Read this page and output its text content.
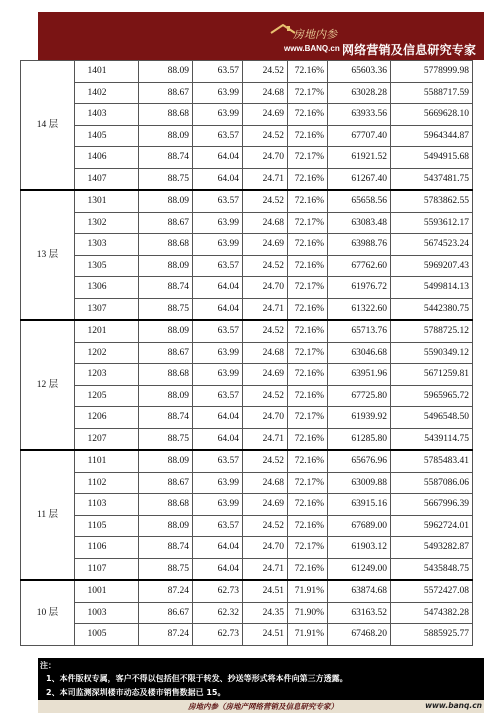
房地内参
www.BANQ.cn 网络营销及信息研究专家
14 层	1401	88.09	63.57	24.52	72.16%	65603.36	5778999.98
	1402	88.67	63.99	24.68	72.17%	63028.28	5588717.59
	1403	88.68	63.99	24.69	72.16%	63933.56	5669628.10
	1405	88.09	63.57	24.52	72.16%	67707.40	5964344.87
	1406	88.74	64.04	24.70	72.17%	61921.52	5494915.68
	1407	88.75	64.04	24.71	72.16%	61267.40	5437481.75
13 层	1301	88.09	63.57	24.52	72.16%	65658.56	5783862.55
	1302	88.67	63.99	24.68	72.17%	63083.48	5593612.17
	1303	88.68	63.99	24.69	72.16%	63988.76	5674523.24
	1305	88.09	63.57	24.52	72.16%	67762.60	5969207.43
	1306	88.74	64.04	24.70	72.17%	61976.72	5499814.13
	1307	88.75	64.04	24.71	72.16%	61322.60	5442380.75
12 层	1201	88.09	63.57	24.52	72.16%	65713.76	5788725.12
	1202	88.67	63.99	24.68	72.17%	63046.68	5590349.12
	1203	88.68	63.99	24.69	72.16%	63951.96	5671259.81
	1205	88.09	63.57	24.52	72.16%	67725.80	5965965.72
	1206	88.74	64.04	24.70	72.17%	61939.92	5496548.50
	1207	88.75	64.04	24.71	72.16%	61285.80	5439114.75
11 层	1101	88.09	63.57	24.52	72.16%	65676.96	5785483.41
	1102	88.67	63.99	24.68	72.17%	63009.88	5587086.06
	1103	88.68	63.99	24.69	72.16%	63915.16	5667996.39
	1105	88.09	63.57	24.52	72.16%	67689.00	5962724.01
	1106	88.74	64.04	24.70	72.17%	61903.12	5493282.87
	1107	88.75	64.04	24.71	72.16%	61249.00	5435848.75
10 层	1001	87.24	62.73	24.51	71.91%	63874.68	5572427.08
	1003	86.67	62.32	24.35	71.90%	63163.52	5474382.28
	1005	87.24	62.73	24.51	71.91%	67468.20	5885925.77
注：
1、本件版权专属，客户不得以包括但不限于转发、抄送等形式将本件向第三方透露。
2、本司监测深圳楼市动态及楼市销售数据已 15。
房地内参（房地产网络营销及信息研究专家）	www.banq.cn
